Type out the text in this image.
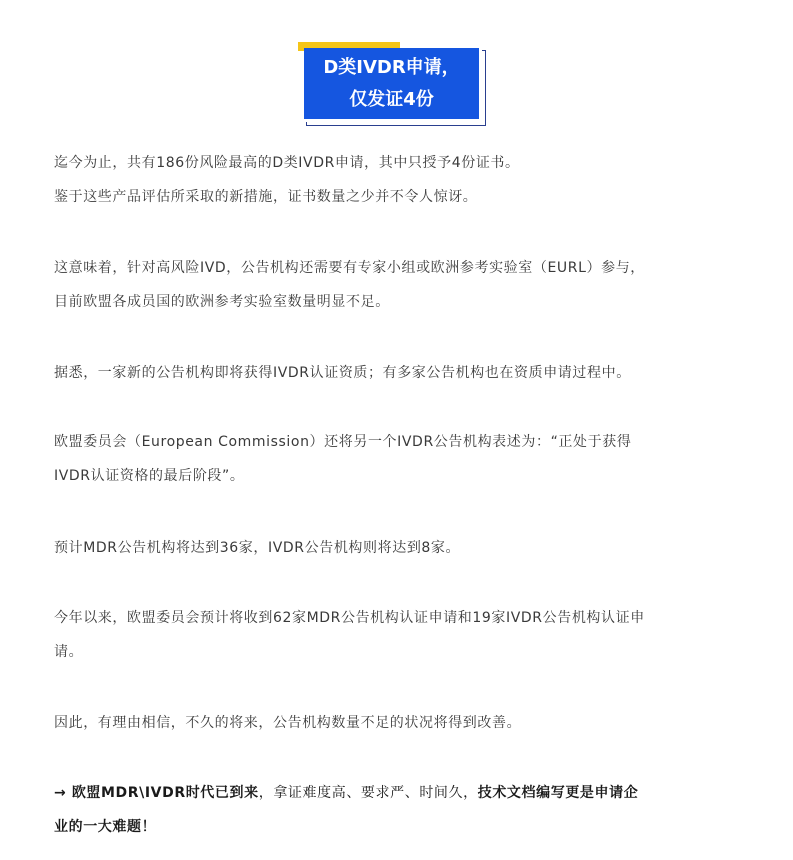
D类IVDR申请，
仅发证4份

迄今为止，共有186份风险最高的D类IVDR申请，其中只授予4份证书。
鉴于这些产品评估所采取的新措施，证书数量之少并不令人惊讶。

这意味着，针对高风险IVD，公告机构还需要有专家小组或欧洲参考实验室（EURL）参与，
目前欧盟各成员国的欧洲参考实验室数量明显不足。

据悉，一家新的公告机构即将获得IVDR认证资质；有多家公告机构也在资质申请过程中。

欧盟委员会（European Commission）还将另一个IVDR公告机构表述为：“正处于获得
IVDR认证资格的最后阶段”。

预计MDR公告机构将达到36家，IVDR公告机构则将达到8家。

今年以来，欧盟委员会预计将收到62家MDR公告机构认证申请和19家IVDR公告机构认证申
请。

因此，有理由相信，不久的将来，公告机构数量不足的状况将得到改善。

→ 欧盟MDR\IVDR时代已到来，拿证难度高、要求严、时间久，技术文档编写更是申请企
业的一大难题！
